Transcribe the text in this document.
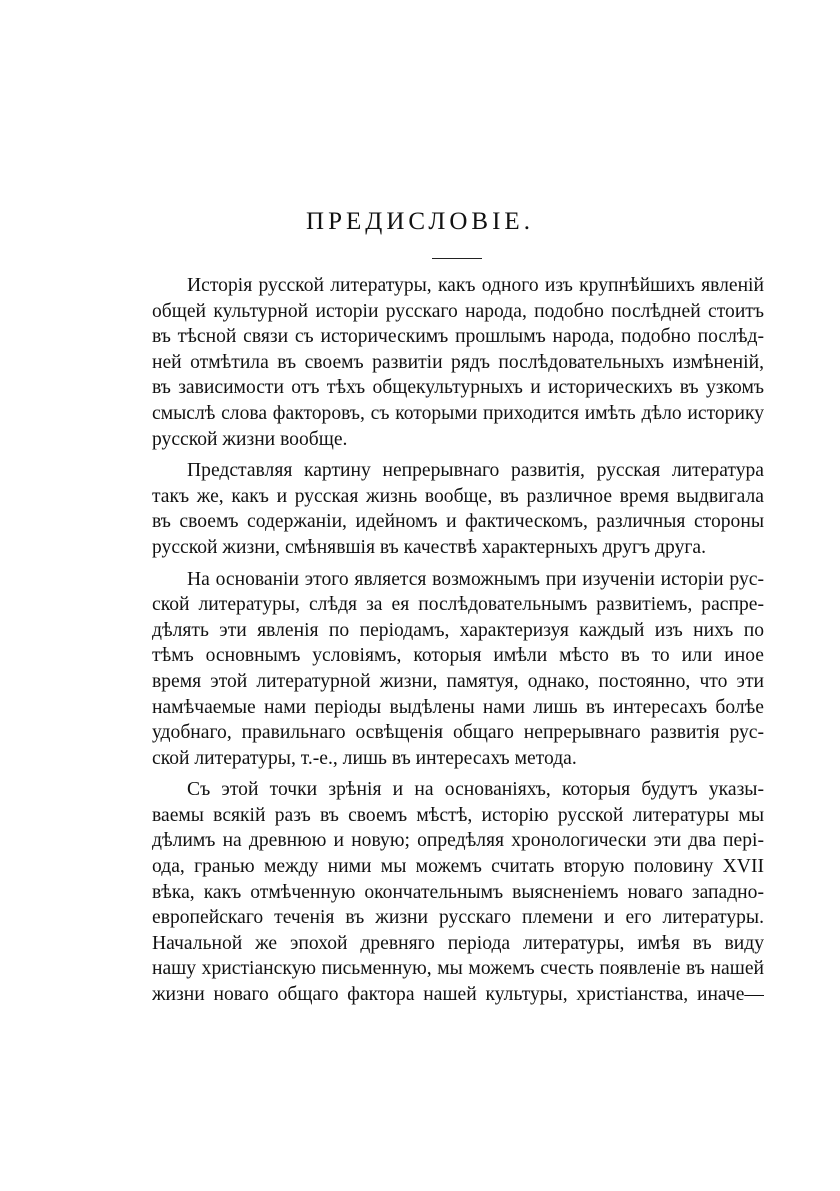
ПРЕДИСЛОВІЕ.
Исторія русской литературы, какъ одного изъ крупнѣйшихъ явленій
общей культурной исторіи русскаго народа, подобно послѣдней стоитъ
въ тѣсной связи съ историческимъ прошлымъ народа, подобно послѣд-
ней отмѣтила въ своемъ развитіи рядъ послѣдовательныхъ измѣненій,
въ зависимости отъ тѣхъ общекультурныхъ и историческихъ въ узкомъ
смыслѣ слова факторовъ, съ которыми приходится имѣть дѣло историку
русской жизни вообще.
Представляя картину непрерывнаго развитія, русская литература
такъ же, какъ и русская жизнь вообще, въ различное время выдвигала
въ своемъ содержаніи, идейномъ и фактическомъ, различныя стороны
русской жизни, смѣнявшія въ качествѣ характерныхъ другъ друга.
На основаніи этого является возможнымъ при изученіи исторіи рус-
ской литературы, слѣдя за ея послѣдовательнымъ развитіемъ, распре-
дѣлять эти явленія по періодамъ, характеризуя каждый изъ нихъ по
тѣмъ основнымъ условіямъ, которыя имѣли мѣсто въ то или иное
время этой литературной жизни, памятуя, однако, постоянно, что эти
намѣчаемые нами періоды выдѣлены нами лишь въ интересахъ болѣе
удобнаго, правильнаго освѣщенія общаго непрерывнаго развитія рус-
ской литературы, т.-е., лишь въ интересахъ метода.
Съ этой точки зрѣнія и на основаніяхъ, которыя будутъ указы-
ваемы всякій разъ въ своемъ мѣстѣ, исторію русской литературы мы
дѣлимъ на древнюю и новую; опредѣляя хронологически эти два пері-
ода, гранью между ними мы можемъ считать вторую половину XVII
вѣка, какъ отмѣченную окончательнымъ выясненіемъ новаго западно-
европейскаго теченія въ жизни русскаго племени и его литературы.
Начальной же эпохой древняго періода литературы, имѣя въ виду
нашу христіанскую письменную, мы можемъ счесть появленіе въ нашей
жизни новаго общаго фактора нашей культуры, христіанства, иначе—
